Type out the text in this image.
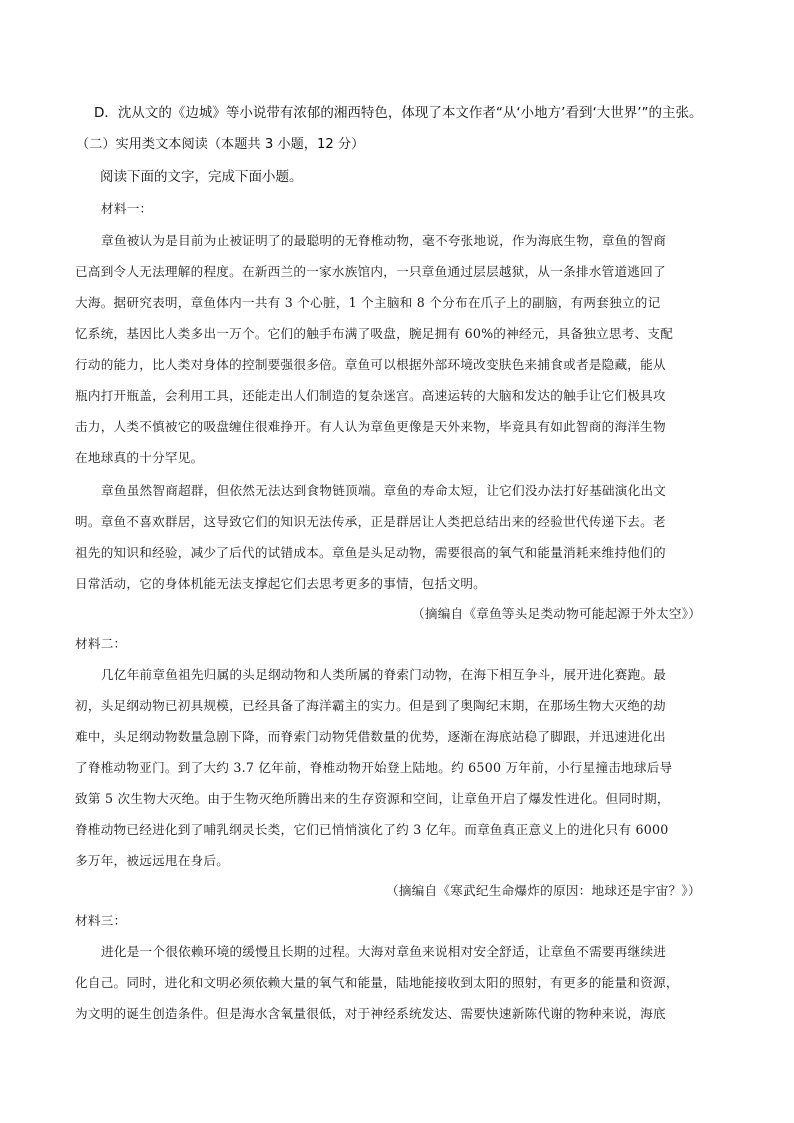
D．沈从文的《边城》等小说带有浓郁的湘西特色，体现了本文作者“从‘小地方’看到‘大世界’”的主张。
（二）实用类文本阅读（本题共 3 小题，12 分）
阅读下面的文字，完成下面小题。
材料一：
章鱼被认为是目前为止被证明了的最聪明的无脊椎动物，毫不夸张地说，作为海底生物，章鱼的智商
已高到令人无法理解的程度。在新西兰的一家水族馆内，一只章鱼通过层层越狱，从一条排水管道逃回了
大海。据研究表明，章鱼体内一共有 3 个心脏，1 个主脑和 8 个分布在爪子上的副脑，有两套独立的记
忆系统，基因比人类多出一万个。它们的触手布满了吸盘，腕足拥有 60%的神经元，具备独立思考、支配
行动的能力，比人类对身体的控制要强很多倍。章鱼可以根据外部环境改变肤色来捕食或者是隐藏，能从
瓶内打开瓶盖，会利用工具，还能走出人们制造的复杂迷宫。高速运转的大脑和发达的触手让它们极具攻
击力，人类不慎被它的吸盘缠住很难挣开。有人认为章鱼更像是天外来物，毕竟具有如此智商的海洋生物
在地球真的十分罕见。
章鱼虽然智商超群，但依然无法达到食物链顶端。章鱼的寿命太短，让它们没办法打好基础演化出文
明。章鱼不喜欢群居，这导致它们的知识无法传承，正是群居让人类把总结出来的经验世代传递下去。老
祖先的知识和经验，减少了后代的试错成本。章鱼是头足动物，需要很高的氧气和能量消耗来维持他们的
日常活动，它的身体机能无法支撑起它们去思考更多的事情，包括文明。
（摘编自《章鱼等头足类动物可能起源于外太空》）
材料二：
几亿年前章鱼祖先归属的头足纲动物和人类所属的脊索门动物，在海下相互争斗，展开进化赛跑。最
初，头足纲动物已初具规模，已经具备了海洋霸主的实力。但是到了奥陶纪末期，在那场生物大灭绝的劫
难中，头足纲动物数量急剧下降，而脊索门动物凭借数量的优势，逐渐在海底站稳了脚跟，并迅速进化出
了脊椎动物亚门。到了大约 3.7 亿年前，脊椎动物开始登上陆地。约 6500 万年前，小行星撞击地球后导
致第 5 次生物大灭绝。由于生物灭绝所腾出来的生存资源和空间，让章鱼开启了爆发性进化。但同时期，
脊椎动物已经进化到了哺乳纲灵长类，它们已悄悄演化了约 3 亿年。而章鱼真正意义上的进化只有 6000
多万年，被远远甩在身后。
（摘编自《寒武纪生命爆炸的原因：地球还是宇宙？》）
材料三：
进化是一个很依赖环境的缓慢且长期的过程。大海对章鱼来说相对安全舒适，让章鱼不需要再继续进
化自己。同时，进化和文明必须依赖大量的氧气和能量，陆地能接收到太阳的照射，有更多的能量和资源，
为文明的诞生创造条件。但是海水含氧量很低，对于神经系统发达、需要快速新陈代谢的物种来说，海底
